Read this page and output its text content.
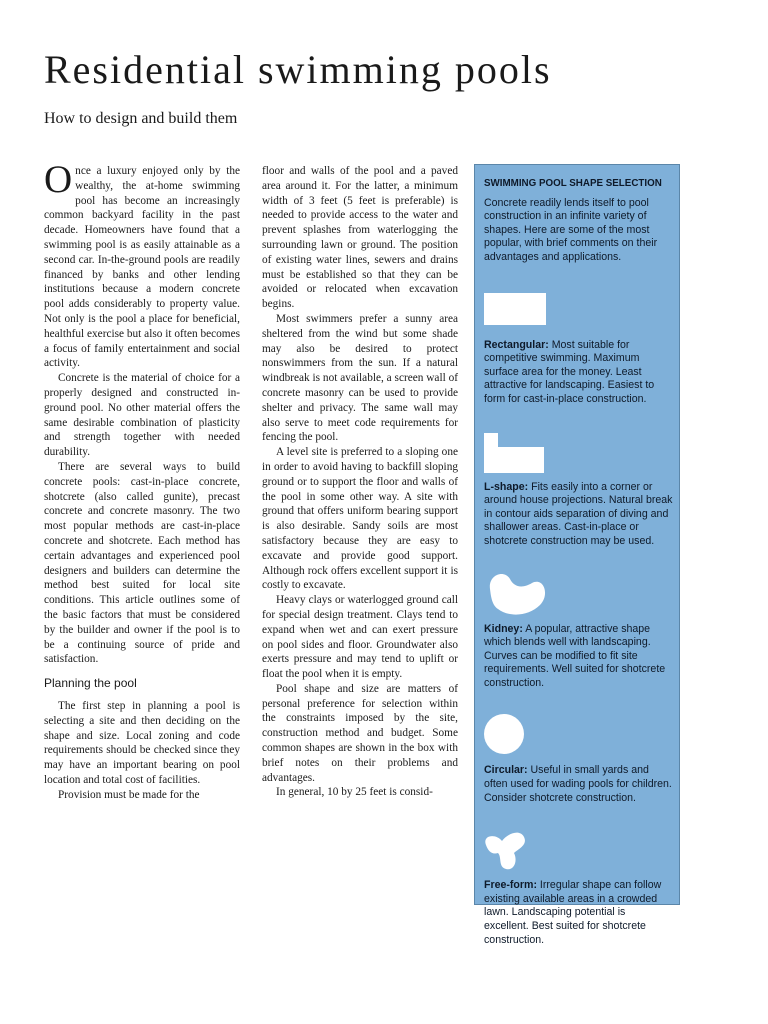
Residential swimming pools
How to design and build them

Once a luxury enjoyed only by the wealthy, the at-home swimming pool has become an increasingly common backyard facility in the past decade. Homeowners have found that a swimming pool is as easily attainable as a second car. In-the-ground pools are readily financed by banks and other lending institutions because a modern concrete pool adds considerably to property value. Not only is the pool a place for beneficial, healthful exercise but also it often becomes a focus of family entertainment and social activity.

Concrete is the material of choice for a properly designed and constructed in-ground pool. No other material offers the same desirable combination of plasticity and strength together with needed durability.

There are several ways to build concrete pools: cast-in-place concrete, shotcrete (also called gunite), precast concrete and concrete masonry. The two most popular methods are cast-in-place concrete and shotcrete. Each method has certain advantages and experienced pool designers and builders can determine the method best suited for local site conditions. This article outlines some of the basic factors that must be considered by the builder and owner if the pool is to be a continuing source of pride and satisfaction.

Planning the pool

The first step in planning a pool is selecting a site and then deciding on the shape and size. Local zoning and code requirements should be checked since they may have an important bearing on pool location and total cost of facilities.

Provision must be made for the

floor and walls of the pool and a paved area around it. For the latter, a minimum width of 3 feet (5 feet is preferable) is needed to provide access to the water and prevent splashes from waterlogging the surrounding lawn or ground. The position of existing water lines, sewers and drains must be established so that they can be avoided or relocated when excavation begins.

Most swimmers prefer a sunny area sheltered from the wind but some shade may also be desired to protect nonswimmers from the sun. If a natural windbreak is not available, a screen wall of concrete masonry can be used to provide shelter and privacy. The same wall may also serve to meet code requirements for fencing the pool.

A level site is preferred to a sloping one in order to avoid having to backfill sloping ground or to support the floor and walls of the pool in some other way. A site with ground that offers uniform bearing support is also desirable. Sandy soils are most satisfactory because they are easy to excavate and provide good support. Although rock offers excellent support it is costly to excavate.

Heavy clays or waterlogged ground call for special design treatment. Clays tend to expand when wet and can exert pressure on pool sides and floor. Groundwater also exerts pressure and may tend to uplift or float the pool when it is empty.

Pool shape and size are matters of personal preference for selection within the constraints imposed by the site, construction method and budget. Some common shapes are shown in the box with brief notes on their problems and advantages.

In general, 10 by 25 feet is consid-

SWIMMING POOL SHAPE SELECTION

Concrete readily lends itself to pool construction in an infinite variety of shapes. Here are some of the most popular, with brief comments on their advantages and applications.

Rectangular: Most suitable for competitive swimming. Maximum surface area for the money. Least attractive for landscaping. Easiest to form for cast-in-place construction.

L-shape: Fits easily into a corner or around house projections. Natural break in contour aids separation of diving and shallower areas. Cast-in-place or shotcrete construction may be used.

Kidney: A popular, attractive shape which blends well with landscaping. Curves can be modified to fit site requirements. Well suited for shotcrete construction.

Circular: Useful in small yards and often used for wading pools for children. Consider shotcrete construction.

Free-form: Irregular shape can follow existing available areas in a crowded lawn. Landscaping potential is excellent. Best suited for shotcrete construction.
